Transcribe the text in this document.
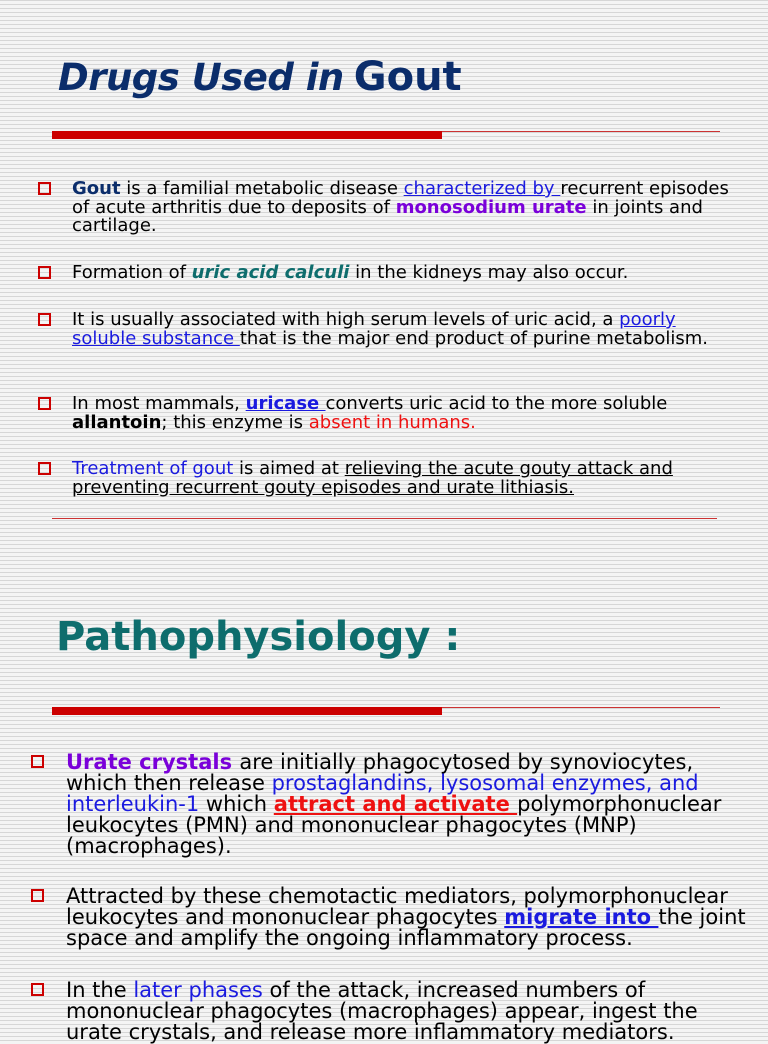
Drugs Used in Gout

Gout is a familial metabolic disease characterized by recurrent episodes of acute arthritis due to deposits of monosodium urate in joints and cartilage.

Formation of uric acid calculi in the kidneys may also occur.

It is usually associated with high serum levels of uric acid, a poorly soluble substance that is the major end product of purine metabolism.

In most mammals, uricase converts uric acid to the more soluble allantoin; this enzyme is absent in humans.

Treatment of gout is aimed at relieving the acute gouty attack and preventing recurrent gouty episodes and urate lithiasis.

Pathophysiology :

Urate crystals are initially phagocytosed by synoviocytes, which then release prostaglandins, lysosomal enzymes, and interleukin-1 which attract and activate polymorphonuclear leukocytes (PMN) and mononuclear phagocytes (MNP) (macrophages).

Attracted by these chemotactic mediators, polymorphonuclear leukocytes and mononuclear phagocytes migrate into the joint space and amplify the ongoing inflammatory process.

In the later phases of the attack, increased numbers of mononuclear phagocytes (macrophages) appear, ingest the urate crystals, and release more inflammatory mediators.
